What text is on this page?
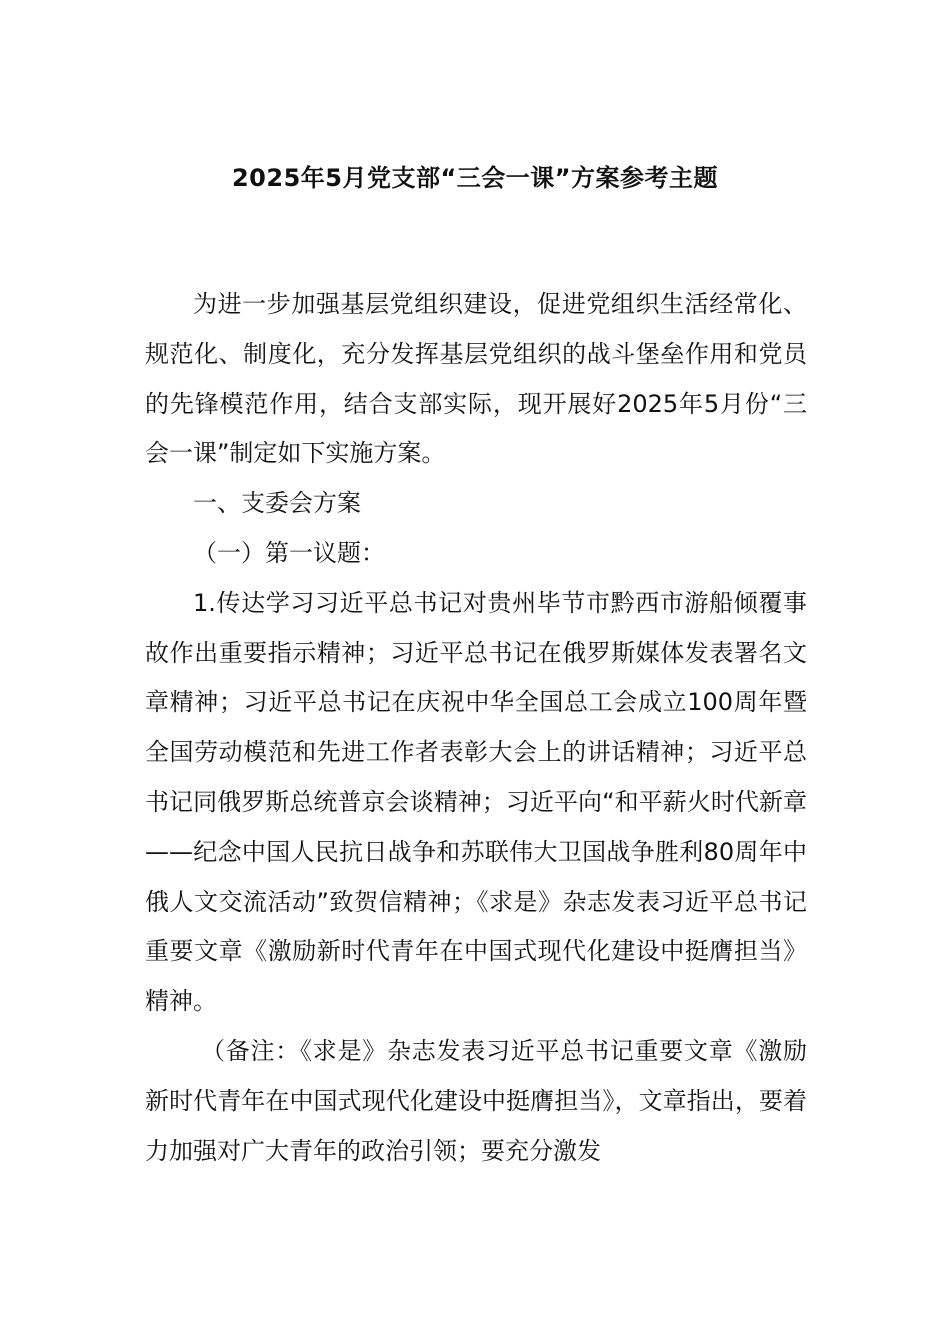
2025年5月党支部“三会一课”方案参考主题

为进一步加强基层党组织建设，促进党组织生活经常化、规范化、制度化，充分发挥基层党组织的战斗堡垒作用和党员的先锋模范作用，结合支部实际，现开展好2025年5月份“三会一课”制定如下实施方案。

一、支委会方案

（一）第一议题：

1.传达学习习近平总书记对贵州毕节市黔西市游船倾覆事故作出重要指示精神；习近平总书记在俄罗斯媒体发表署名文章精神；习近平总书记在庆祝中华全国总工会成立100周年暨全国劳动模范和先进工作者表彰大会上的讲话精神；习近平总书记同俄罗斯总统普京会谈精神；习近平向“和平薪火时代新章——纪念中国人民抗日战争和苏联伟大卫国战争胜利80周年中俄人文交流活动”致贺信精神；《求是》杂志发表习近平总书记重要文章《激励新时代青年在中国式现代化建设中挺膺担当》精神。

（备注：《求是》杂志发表习近平总书记重要文章《激励新时代青年在中国式现代化建设中挺膺担当》，文章指出，要着力加强对广大青年的政治引领；要充分激发
